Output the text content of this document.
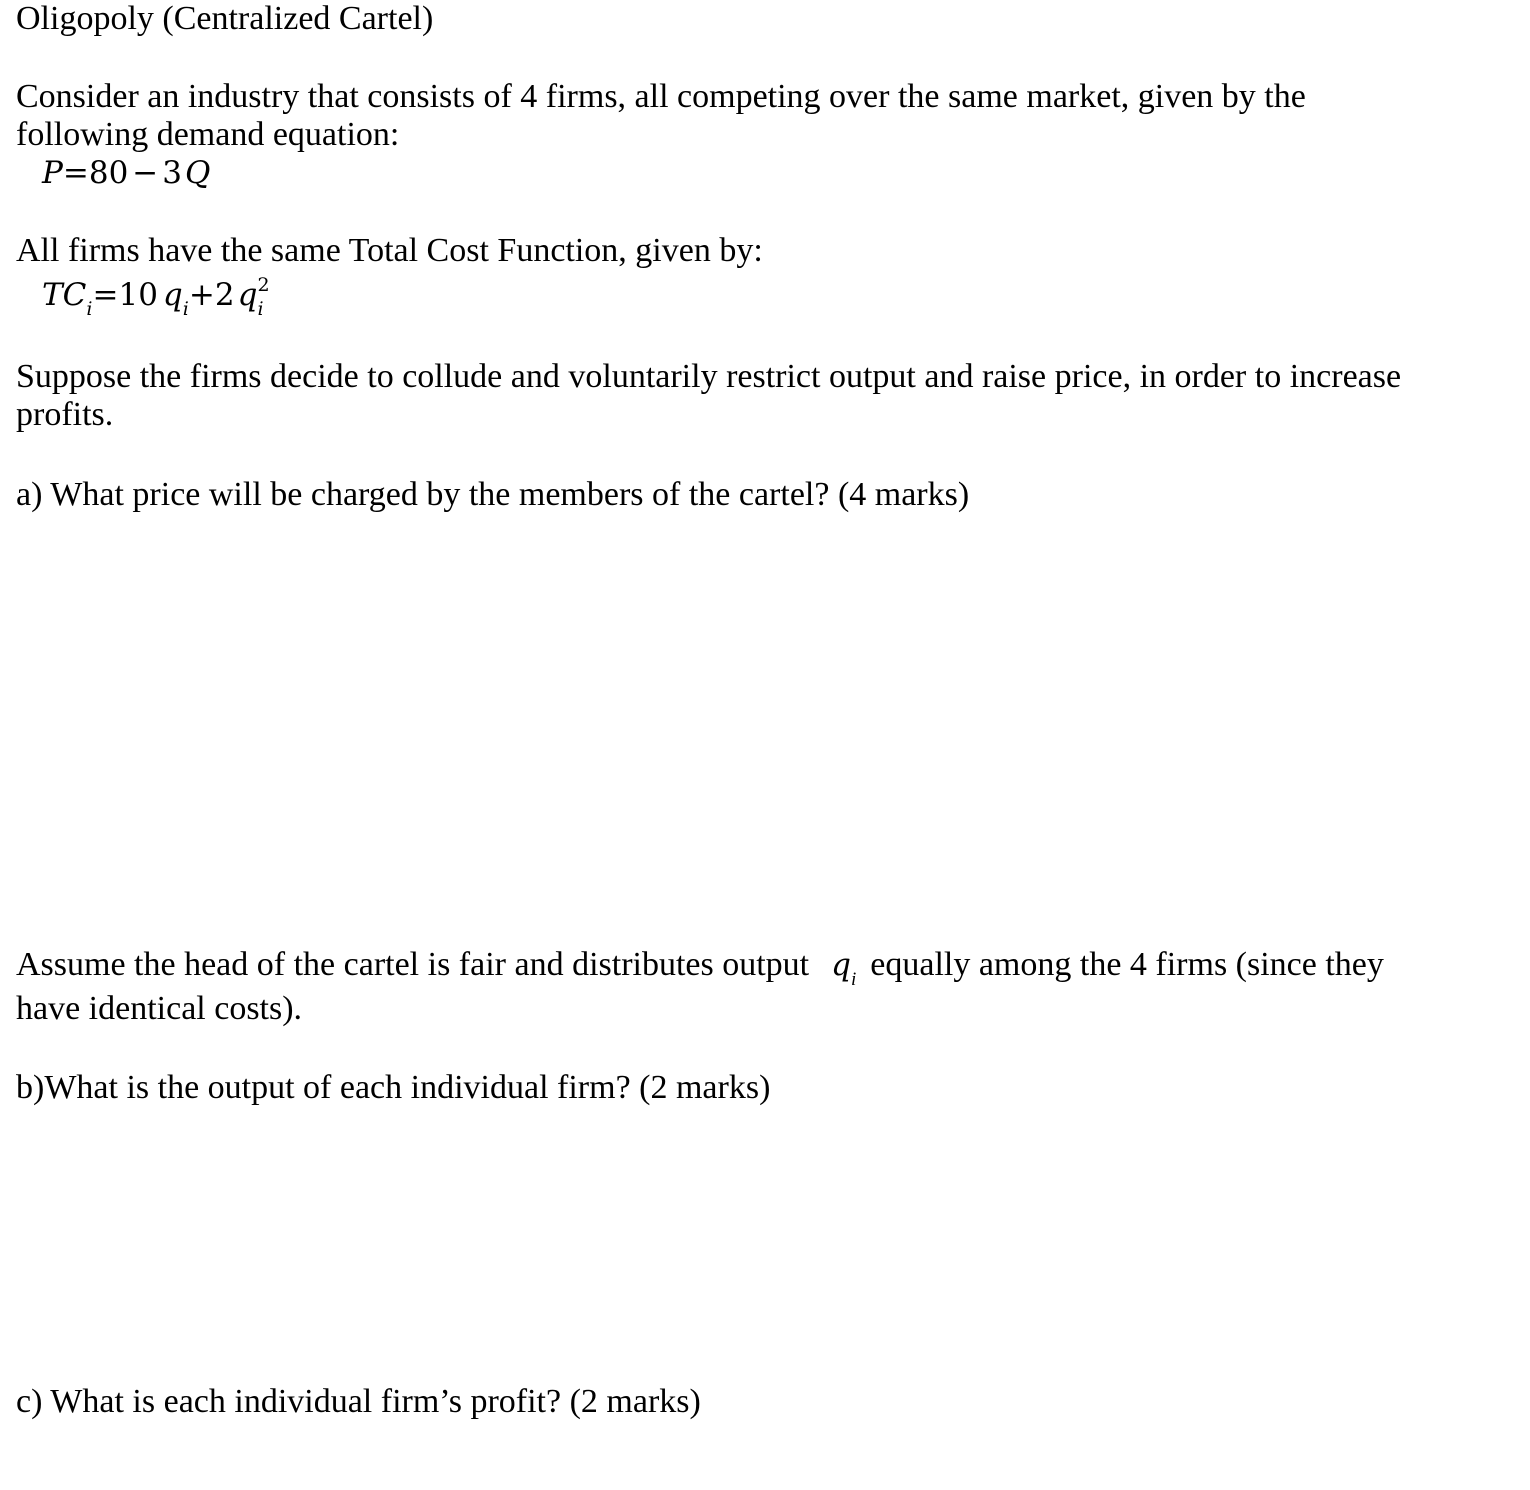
Oligopoly (Centralized Cartel)
Consider an industry that consists of 4 firms, all competing over the same market, given by the
following demand equation:
P=80 − 3Q
All firms have the same Total Cost Function, given by:
$TC_i=10$ $q_i+2q$ 2
i
Suppose the firms decide to collude and voluntarily restrict output and raise price, in order to increase
profits.
a) What price will be charged by the members of the cartel? (4 marks)
Assume the head of the cartel is fair and distributes output $q_i$ equally among the 4 firms (since they
have identical costs).
b)What is the output of each individual firm? (2 marks)
c) What is each individual firm’s profit? (2 marks)
